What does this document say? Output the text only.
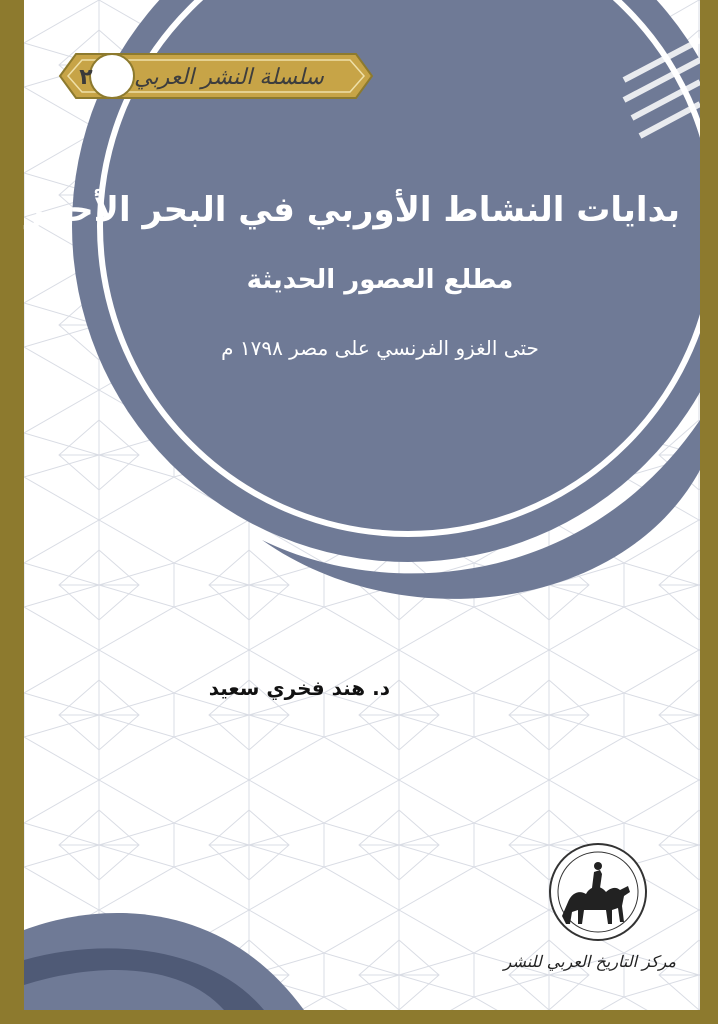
٢	سلسلة النشر العربي
بدايات النشاط الأوربي في البحر الأحمر
مطلع العصور الحديثة
حتى الغزو الفرنسي على مصر ١٧٩٨ م
د. هند فخري سعيد
مركز التاريخ العربي للنشر
